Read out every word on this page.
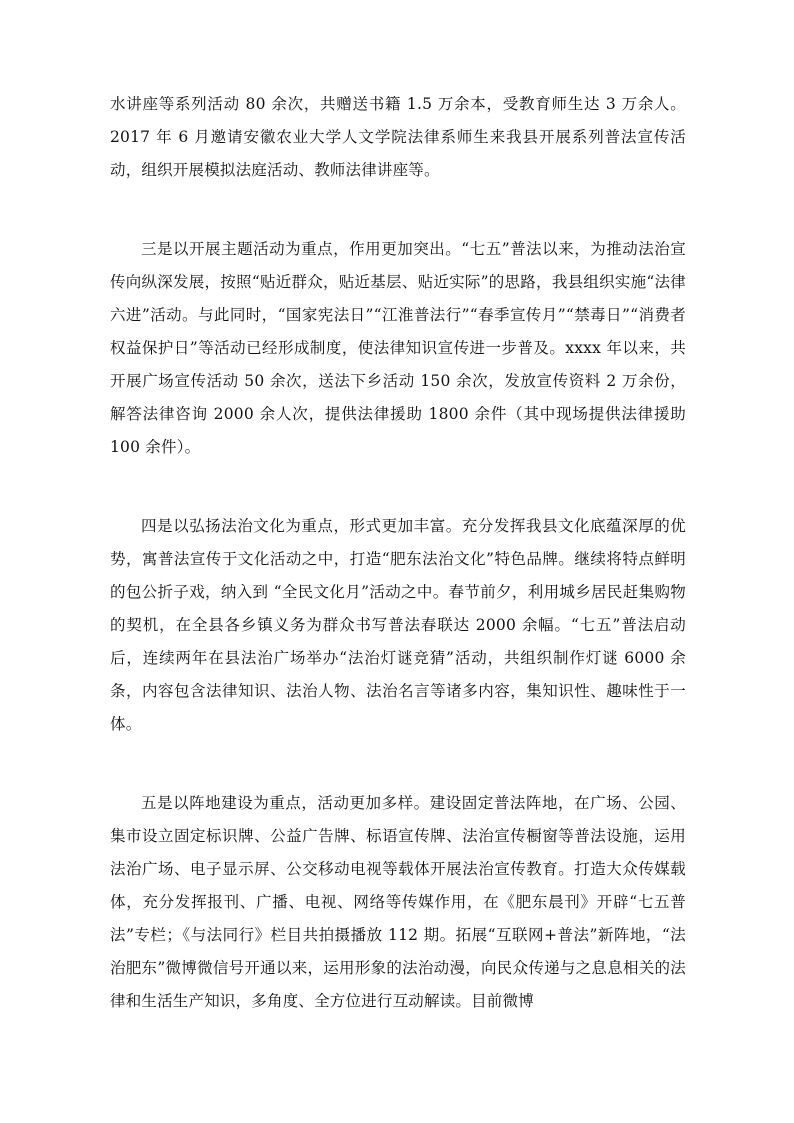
水讲座等系列活动 80 余次，共赠送书籍 1.5 万余本，受教育师生达 3 万余人。2017 年 6 月邀请安徽农业大学人文学院法律系师生来我县开展系列普法宣传活动，组织开展模拟法庭活动、教师法律讲座等。

三是以开展主题活动为重点，作用更加突出。“七五”普法以来，为推动法治宣传向纵深发展，按照“贴近群众，贴近基层、贴近实际”的思路，我县组织实施“法律六进”活动。与此同时，“国家宪法日”“江淮普法行”“春季宣传月”“禁毒日”“消费者权益保护日”等活动已经形成制度，使法律知识宣传进一步普及。xxxx 年以来，共开展广场宣传活动 50 余次，送法下乡活动 150 余次，发放宣传资料 2 万余份，解答法律咨询 2000 余人次，提供法律援助 1800 余件（其中现场提供法律援助 100 余件）。

四是以弘扬法治文化为重点，形式更加丰富。充分发挥我县文化底蕴深厚的优势，寓普法宣传于文化活动之中，打造“肥东法治文化”特色品牌。继续将特点鲜明的包公折子戏，纳入到 “全民文化月”活动之中。春节前夕，利用城乡居民赶集购物的契机，在全县各乡镇义务为群众书写普法春联达 2000 余幅。“七五”普法启动后，连续两年在县法治广场举办“法治灯谜竞猜”活动，共组织制作灯谜 6000 余条，内容包含法律知识、法治人物、法治名言等诸多内容，集知识性、趣味性于一体。

五是以阵地建设为重点，活动更加多样。建设固定普法阵地，在广场、公园、集市设立固定标识牌、公益广告牌、标语宣传牌、法治宣传橱窗等普法设施，运用法治广场、电子显示屏、公交移动电视等载体开展法治宣传教育。打造大众传媒载体，充分发挥报刊、广播、电视、网络等传媒作用，在《肥东晨刊》开辟“七五普法”专栏；《与法同行》栏目共拍摄播放 112 期。拓展“互联网+普法”新阵地，“法治肥东”微博微信号开通以来，运用形象的法治动漫，向民众传递与之息息相关的法律和生活生产知识，多角度、全方位进行互动解读。目前微博
